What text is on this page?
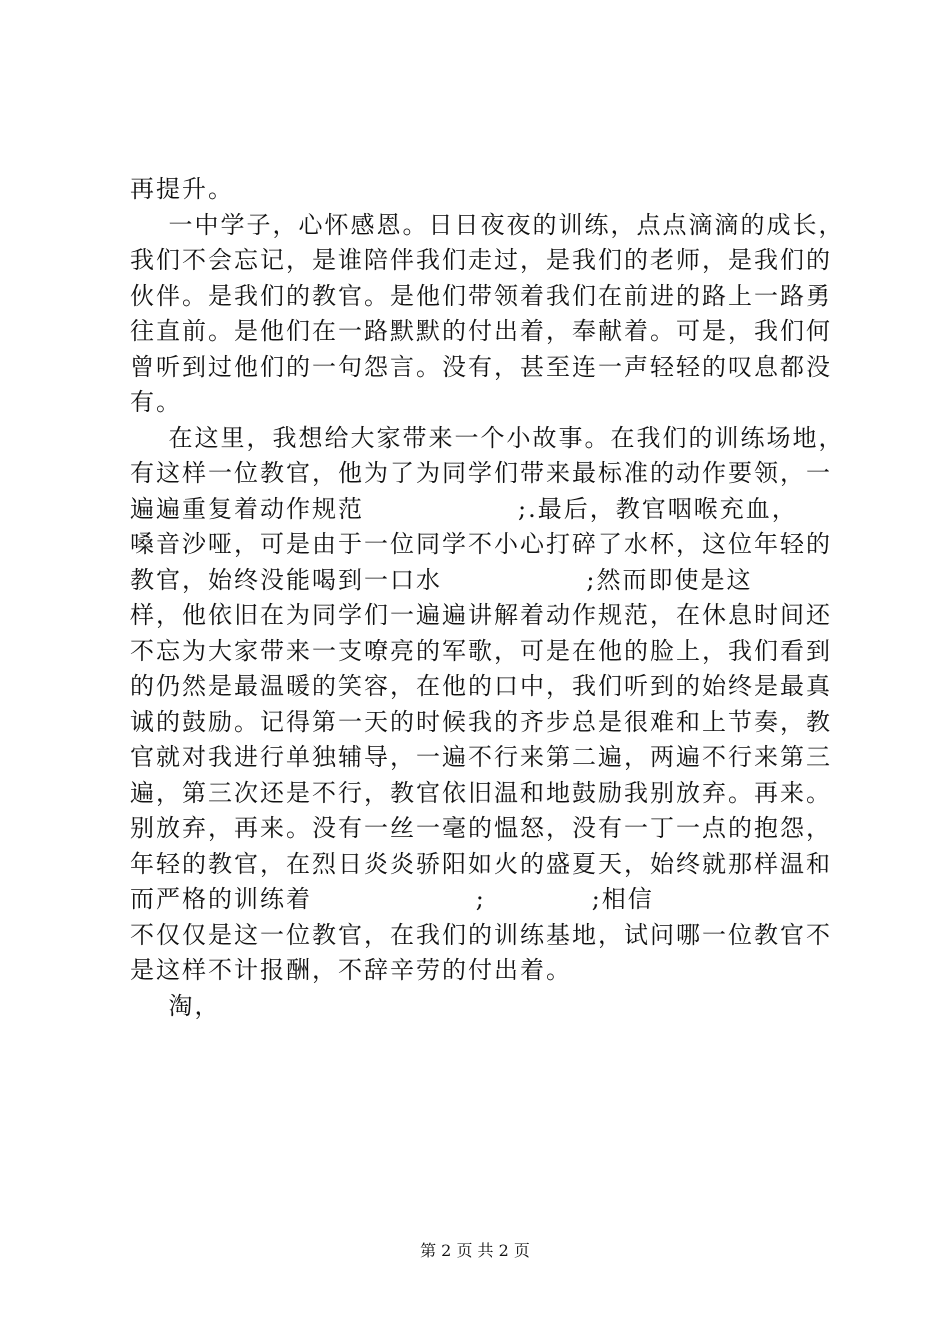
再提升。
一中学子，心怀感恩。日日夜夜的训练，点点滴滴的成长，
我们不会忘记，是谁陪伴我们走过，是我们的老师，是我们的
伙伴。是我们的教官。是他们带领着我们在前进的路上一路勇
往直前。是他们在一路默默的付出着，奉献着。可是，我们何
曾听到过他们的一句怨言。没有，甚至连一声轻轻的叹息都没
有。
在这里，我想给大家带来一个小故事。在我们的训练场地，
有这样一位教官，他为了为同学们带来最标准的动作要领，一
遍遍重复着动作规范                ;.最后，教官咽喉充血，
嗓音沙哑，可是由于一位同学不小心打碎了水杯，这位年轻的
教官，始终没能喝到一口水               ;然而即使是这
样，他依旧在为同学们一遍遍讲解着动作规范，在休息时间还
不忘为大家带来一支嘹亮的军歌，可是在他的脸上，我们看到
的仍然是最温暖的笑容，在他的口中，我们听到的始终是最真
诚的鼓励。记得第一天的时候我的齐步总是很难和上节奏，教
官就对我进行单独辅导，一遍不行来第二遍，两遍不行来第三
遍，第三次还是不行，教官依旧温和地鼓励我别放弃。再来。
别放弃，再来。没有一丝一毫的愠怒，没有一丁一点的抱怨，
年轻的教官，在烈日炎炎骄阳如火的盛夏天，始终就那样温和
而严格的训练着                 ;           ;相信
不仅仅是这一位教官，在我们的训练基地，试问哪一位教官不
是这样不计报酬，不辞辛劳的付出着。
淘，
第 2 页 共 2 页
